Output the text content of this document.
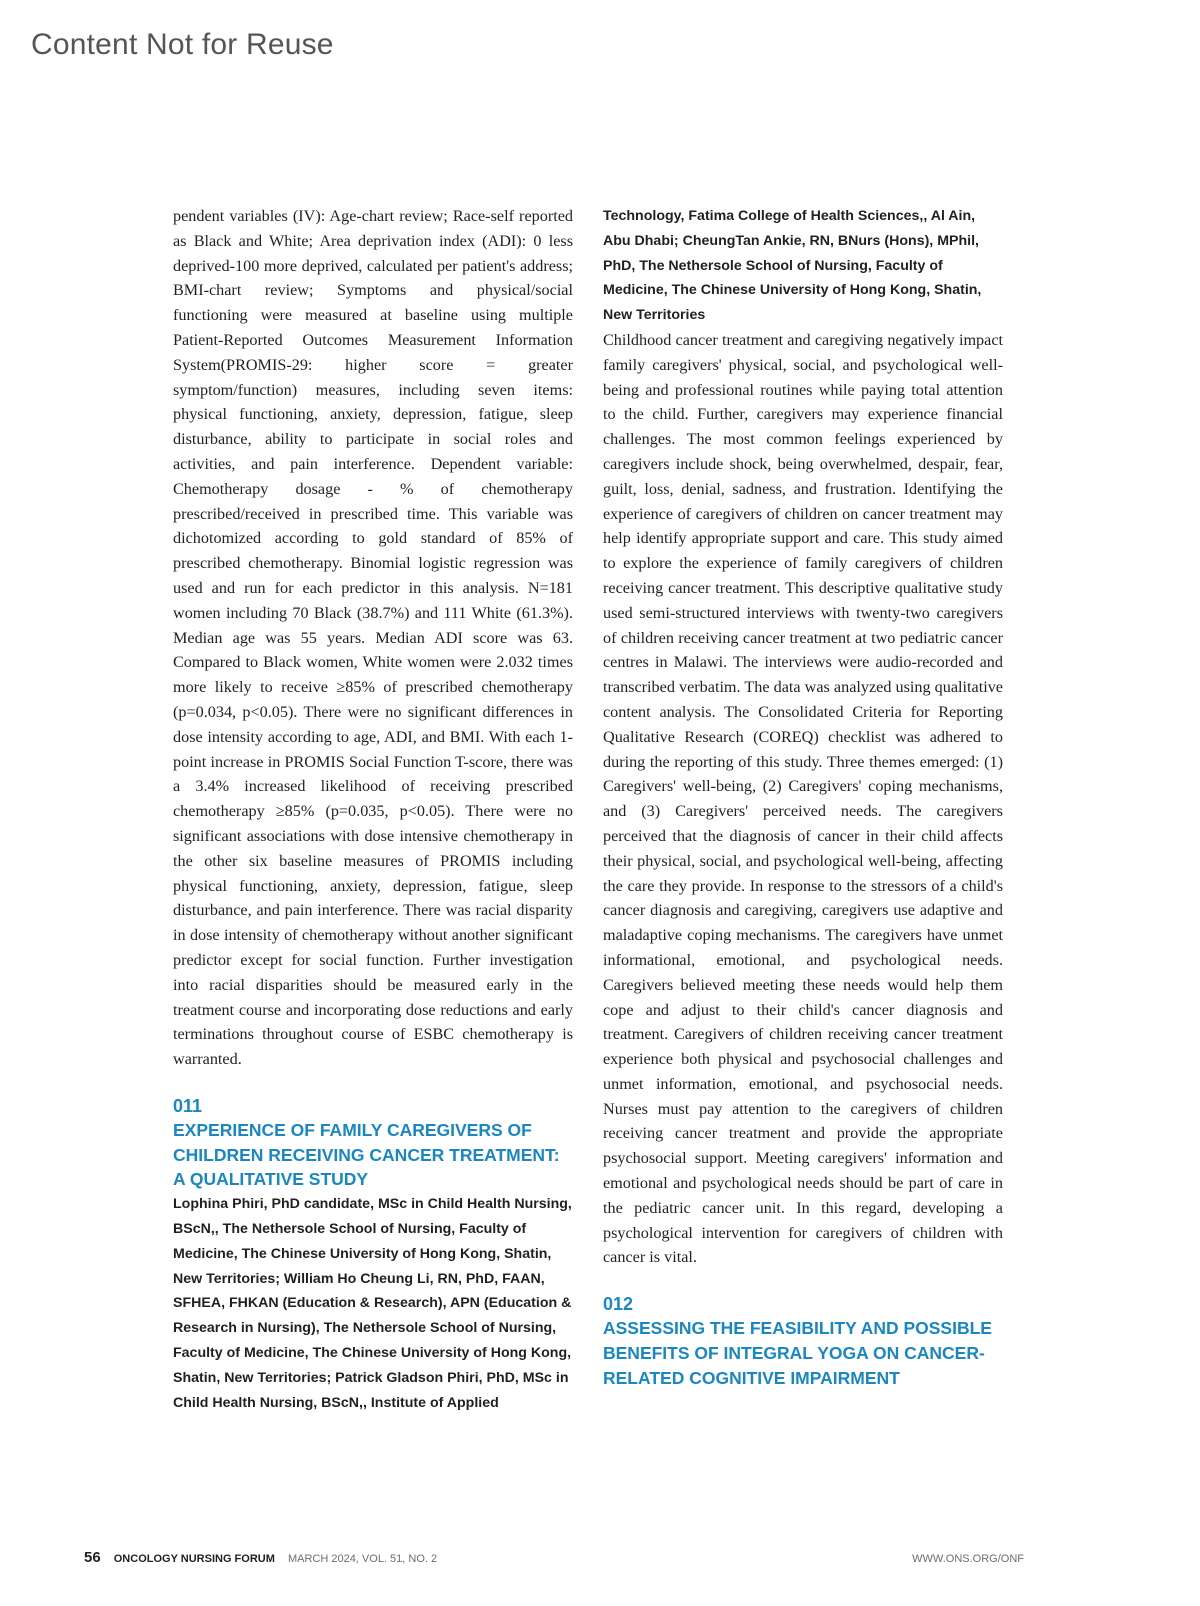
Content Not for Reuse

pendent variables (IV): Age-chart review; Race-self reported as Black and White; Area deprivation index (ADI): 0 less deprived-100 more deprived, calculated per patient's address; BMI-chart review; Symptoms and physical/social functioning were measured at baseline using multiple Patient-Reported Outcomes Measurement Information System(PROMIS-29: higher score = greater symptom/function) measures, including seven items: physical functioning, anxiety, depression, fatigue, sleep disturbance, ability to participate in social roles and activities, and pain interference. Dependent variable: Chemotherapy dosage - % of chemotherapy prescribed/received in prescribed time. This variable was dichotomized according to gold standard of 85% of prescribed chemotherapy. Binomial logistic regression was used and run for each predictor in this analysis. N=181 women including 70 Black (38.7%) and 111 White (61.3%). Median age was 55 years. Median ADI score was 63. Compared to Black women, White women were 2.032 times more likely to receive ≥85% of prescribed chemotherapy (p=0.034, p<0.05). There were no significant differences in dose intensity according to age, ADI, and BMI. With each 1-point increase in PROMIS Social Function T-score, there was a 3.4% increased likelihood of receiving prescribed chemotherapy ≥85% (p=0.035, p<0.05). There were no significant associations with dose intensive chemotherapy in the other six baseline measures of PROMIS including physical functioning, anxiety, depression, fatigue, sleep disturbance, and pain interference. There was racial disparity in dose intensity of chemotherapy without another significant predictor except for social function. Further investigation into racial disparities should be measured early in the treatment course and incorporating dose reductions and early terminations throughout course of ESBC chemotherapy is warranted.

011

EXPERIENCE OF FAMILY CAREGIVERS OF CHILDREN RECEIVING CANCER TREATMENT: A QUALITATIVE STUDY

Lophina Phiri, PhD candidate, MSc in Child Health Nursing, BScN,, The Nethersole School of Nursing, Faculty of Medicine, The Chinese University of Hong Kong, Shatin, New Territories; William Ho Cheung Li, RN, PhD, FAAN, SFHEA, FHKAN (Education & Research), APN (Education & Research in Nursing), The Nethersole School of Nursing, Faculty of Medicine, The Chinese University of Hong Kong, Shatin, New Territories; Patrick Gladson Phiri, PhD, MSc in Child Health Nursing, BScN,, Institute of Applied

Technology, Fatima College of Health Sciences,, Al Ain, Abu Dhabi; CheungTan Ankie, RN, BNurs (Hons), MPhil, PhD, The Nethersole School of Nursing, Faculty of Medicine, The Chinese University of Hong Kong, Shatin, New Territories

Childhood cancer treatment and caregiving negatively impact family caregivers' physical, social, and psychological well-being and professional routines while paying total attention to the child. Further, caregivers may experience financial challenges. The most common feelings experienced by caregivers include shock, being overwhelmed, despair, fear, guilt, loss, denial, sadness, and frustration. Identifying the experience of caregivers of children on cancer treatment may help identify appropriate support and care. This study aimed to explore the experience of family caregivers of children receiving cancer treatment. This descriptive qualitative study used semi-structured interviews with twenty-two caregivers of children receiving cancer treatment at two pediatric cancer centres in Malawi. The interviews were audio-recorded and transcribed verbatim. The data was analyzed using qualitative content analysis. The Consolidated Criteria for Reporting Qualitative Research (COREQ) checklist was adhered to during the reporting of this study. Three themes emerged: (1) Caregivers' well-being, (2) Caregivers' coping mechanisms, and (3) Caregivers' perceived needs. The caregivers perceived that the diagnosis of cancer in their child affects their physical, social, and psychological well-being, affecting the care they provide. In response to the stressors of a child's cancer diagnosis and caregiving, caregivers use adaptive and maladaptive coping mechanisms. The caregivers have unmet informational, emotional, and psychological needs. Caregivers believed meeting these needs would help them cope and adjust to their child's cancer diagnosis and treatment. Caregivers of children receiving cancer treatment experience both physical and psychosocial challenges and unmet information, emotional, and psychosocial needs. Nurses must pay attention to the caregivers of children receiving cancer treatment and provide the appropriate psychosocial support. Meeting caregivers' information and emotional and psychological needs should be part of care in the pediatric cancer unit. In this regard, developing a psychological intervention for caregivers of children with cancer is vital.

012

ASSESSING THE FEASIBILITY AND POSSIBLE BENEFITS OF INTEGRAL YOGA ON CANCER-RELATED COGNITIVE IMPAIRMENT

56 ONCOLOGY NURSING FORUM MARCH 2024, VOL. 51, NO. 2	WWW.ONS.ORG/ONF
